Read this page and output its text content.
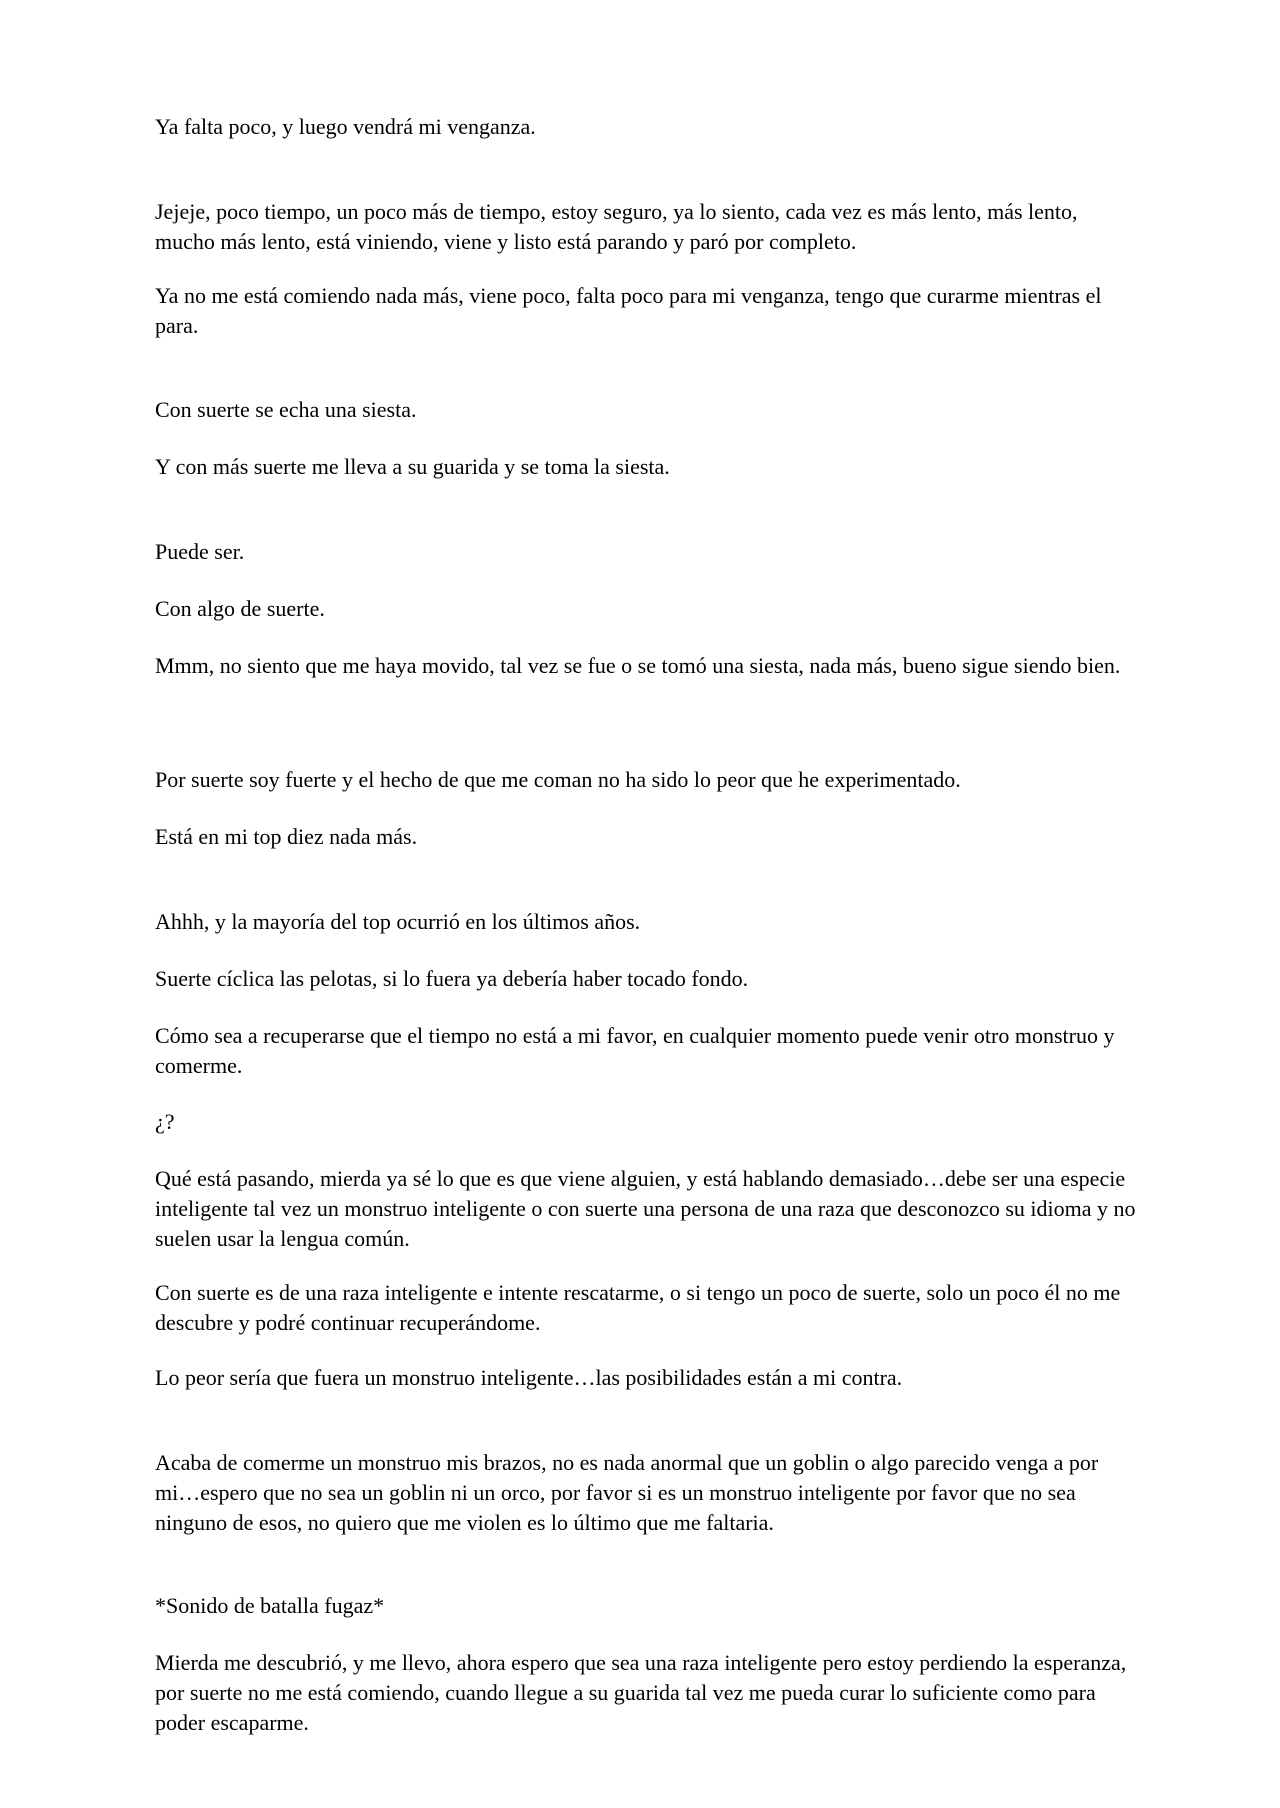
Ya falta poco, y luego vendrá mi venganza.

Jejeje, poco tiempo, un poco más de tiempo, estoy seguro, ya lo siento, cada vez es más lento, más lento, mucho más lento, está viniendo, viene y listo está parando y paró por completo.

Ya no me está comiendo nada más, viene poco, falta poco para mi venganza, tengo que curarme mientras el para.

Con suerte se echa una siesta.

Y con más suerte me lleva a su guarida y se toma la siesta.

Puede ser.

Con algo de suerte.

Mmm, no siento que me haya movido, tal vez se fue o se tomó una siesta, nada más, bueno sigue siendo bien.

Por suerte soy fuerte y el hecho de que me coman no ha sido lo peor que he experimentado.

Está en mi top diez nada más.

Ahhh, y la mayoría del top ocurrió en los últimos años.

Suerte cíclica las pelotas, si lo fuera ya debería haber tocado fondo.

Cómo sea a recuperarse que el tiempo no está a mi favor, en cualquier momento puede venir otro monstruo y comerme.

¿?

Qué está pasando, mierda ya sé lo que es que viene alguien, y está hablando demasiado…debe ser una especie inteligente tal vez un monstruo inteligente o con suerte una persona de una raza que desconozco su idioma y no suelen usar la lengua común.

Con suerte es de una raza inteligente e intente rescatarme, o si tengo un poco de suerte, solo un poco él no me descubre y podré continuar recuperándome.

Lo peor sería que fuera un monstruo inteligente…las posibilidades están a mi contra.

Acaba de comerme un monstruo mis brazos, no es nada anormal que un goblin o algo parecido venga a por mi…espero que no sea un goblin ni un orco, por favor si es un monstruo inteligente por favor que no sea ninguno de esos, no quiero que me violen es lo último que me faltaria.

*Sonido de batalla fugaz*

Mierda me descubrió, y me llevo, ahora espero que sea una raza inteligente pero estoy perdiendo la esperanza, por suerte no me está comiendo, cuando llegue a su guarida tal vez me pueda curar lo suficiente como para poder escaparme.
